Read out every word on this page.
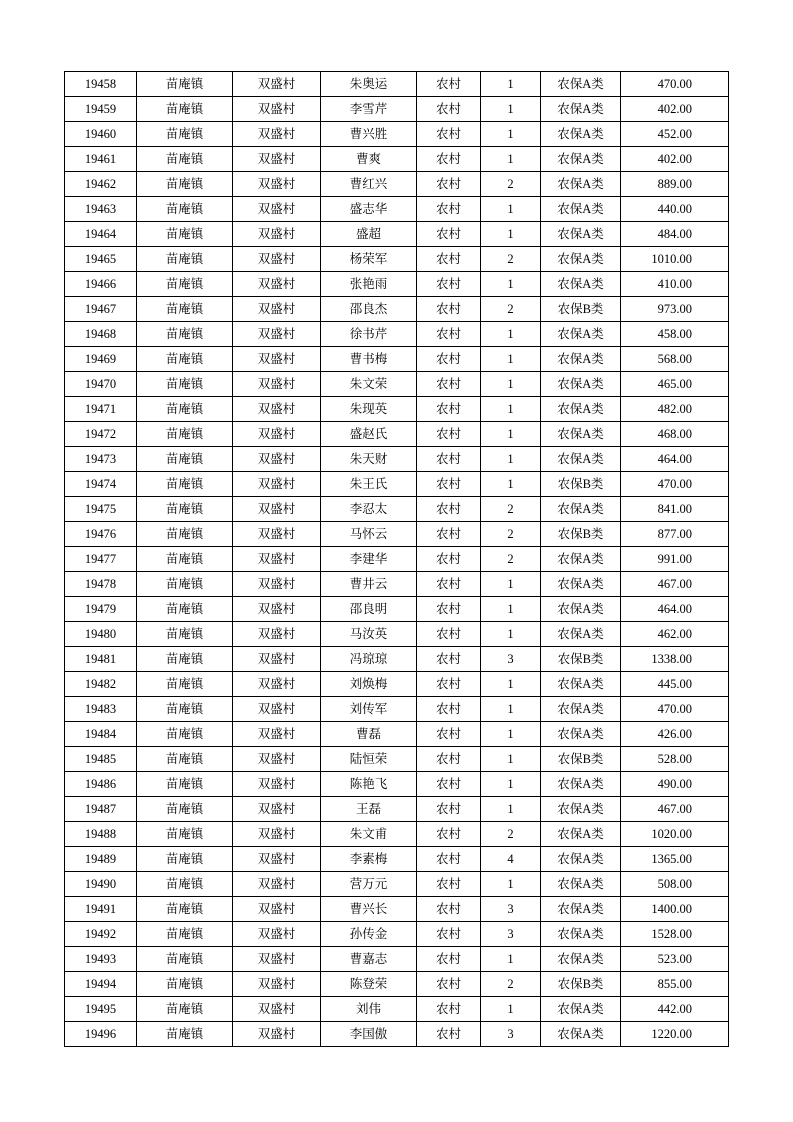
19458	苗庵镇	双盛村	朱奥运	农村	1	农保A类	470.00
19459	苗庵镇	双盛村	李雪芹	农村	1	农保A类	402.00
19460	苗庵镇	双盛村	曹兴胜	农村	1	农保A类	452.00
19461	苗庵镇	双盛村	曹爽	农村	1	农保A类	402.00
19462	苗庵镇	双盛村	曹红兴	农村	2	农保A类	889.00
19463	苗庵镇	双盛村	盛志华	农村	1	农保A类	440.00
19464	苗庵镇	双盛村	盛超	农村	1	农保A类	484.00
19465	苗庵镇	双盛村	杨荣军	农村	2	农保A类	1010.00
19466	苗庵镇	双盛村	张艳雨	农村	1	农保A类	410.00
19467	苗庵镇	双盛村	邵良杰	农村	2	农保B类	973.00
19468	苗庵镇	双盛村	徐书芹	农村	1	农保A类	458.00
19469	苗庵镇	双盛村	曹书梅	农村	1	农保A类	568.00
19470	苗庵镇	双盛村	朱文荣	农村	1	农保A类	465.00
19471	苗庵镇	双盛村	朱现英	农村	1	农保A类	482.00
19472	苗庵镇	双盛村	盛赵氏	农村	1	农保A类	468.00
19473	苗庵镇	双盛村	朱天财	农村	1	农保A类	464.00
19474	苗庵镇	双盛村	朱王氏	农村	1	农保B类	470.00
19475	苗庵镇	双盛村	李忍太	农村	2	农保A类	841.00
19476	苗庵镇	双盛村	马怀云	农村	2	农保B类	877.00
19477	苗庵镇	双盛村	李建华	农村	2	农保A类	991.00
19478	苗庵镇	双盛村	曹井云	农村	1	农保A类	467.00
19479	苗庵镇	双盛村	邵良明	农村	1	农保A类	464.00
19480	苗庵镇	双盛村	马汝英	农村	1	农保A类	462.00
19481	苗庵镇	双盛村	冯琼琼	农村	3	农保B类	1338.00
19482	苗庵镇	双盛村	刘焕梅	农村	1	农保A类	445.00
19483	苗庵镇	双盛村	刘传军	农村	1	农保A类	470.00
19484	苗庵镇	双盛村	曹磊	农村	1	农保A类	426.00
19485	苗庵镇	双盛村	陆恒荣	农村	1	农保B类	528.00
19486	苗庵镇	双盛村	陈艳飞	农村	1	农保A类	490.00
19487	苗庵镇	双盛村	王磊	农村	1	农保A类	467.00
19488	苗庵镇	双盛村	朱文甫	农村	2	农保A类	1020.00
19489	苗庵镇	双盛村	李素梅	农村	4	农保A类	1365.00
19490	苗庵镇	双盛村	营万元	农村	1	农保A类	508.00
19491	苗庵镇	双盛村	曹兴长	农村	3	农保A类	1400.00
19492	苗庵镇	双盛村	孙传金	农村	3	农保A类	1528.00
19493	苗庵镇	双盛村	曹嘉志	农村	1	农保A类	523.00
19494	苗庵镇	双盛村	陈登荣	农村	2	农保B类	855.00
19495	苗庵镇	双盛村	刘伟	农村	1	农保A类	442.00
19496	苗庵镇	双盛村	李国傲	农村	3	农保A类	1220.00
